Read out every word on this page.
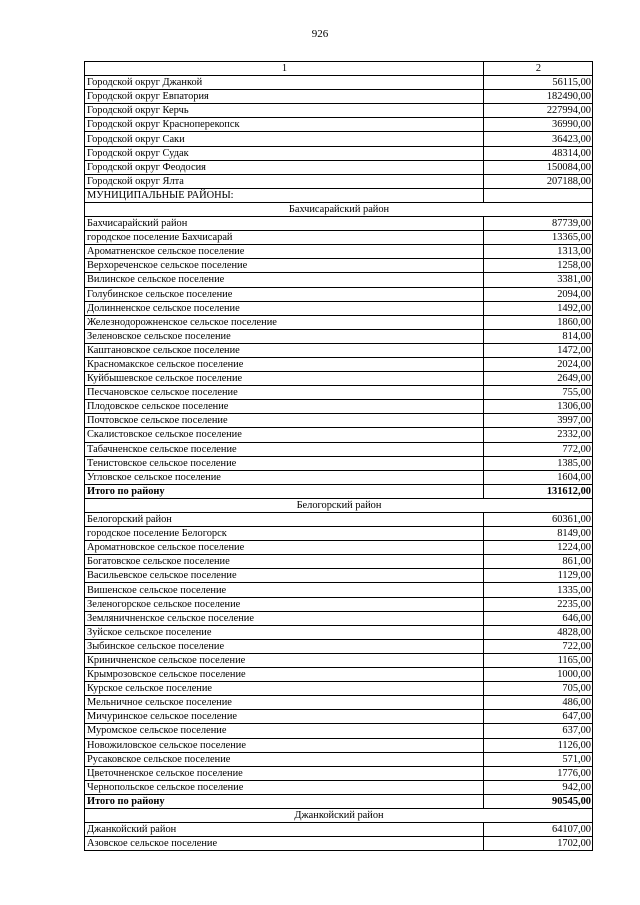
926
1	2
Городской округ Джанкой	56115,00
Городской округ Евпатория	182490,00
Городской округ Керчь	227994,00
Городской округ Красноперекопск	36990,00
Городской округ Саки	36423,00
Городской округ Судак	48314,00
Городской округ Феодосия	150084,00
Городской округ Ялта	207188,00
МУНИЦИПАЛЬНЫЕ РАЙОНЫ:	
Бахчисарайский район	
Бахчисарайский район	87739,00
городское поселение Бахчисарай	13365,00
Ароматненское сельское поселение	1313,00
Верхореченское сельское поселение	1258,00
Вилинское сельское поселение	3381,00
Голубинское сельское поселение	2094,00
Долинненское сельское поселение	1492,00
Железнодорожненское сельское поселение	1860,00
Зеленовское сельское поселение	814,00
Каштановское сельское поселение	1472,00
Красномакское сельское поселение	2024,00
Куйбышевское сельское поселение	2649,00
Песчановское сельское поселение	755,00
Плодовское сельское поселение	1306,00
Почтовское сельское поселение	3997,00
Скалистовское сельское поселение	2332,00
Табачненское сельское поселение	772,00
Тенистовское сельское поселение	1385,00
Угловское сельское поселение	1604,00
Итого по району	131612,00
Белогорский район	
Белогорский район	60361,00
городское поселение Белогорск	8149,00
Ароматновское сельское поселение	1224,00
Богатовское сельское поселение	861,00
Васильевское сельское поселение	1129,00
Вишенское сельское поселение	1335,00
Зеленогорское сельское поселение	2235,00
Земляничненское сельское поселение	646,00
Зуйское сельское поселение	4828,00
Зыбинское сельское поселение	722,00
Криничненское сельское поселение	1165,00
Крымрозовское сельское поселение	1000,00
Курское сельское поселение	705,00
Мельничное сельское поселение	486,00
Мичуринское сельское поселение	647,00
Муромское сельское поселение	637,00
Новожиловское сельское поселение	1126,00
Русаковское сельское поселение	571,00
Цветочненское сельское поселение	1776,00
Чернопольское сельское поселение	942,00
Итого по району	90545,00
Джанкойский район	
Джанкойский район	64107,00
Азовское сельское поселение	1702,00
